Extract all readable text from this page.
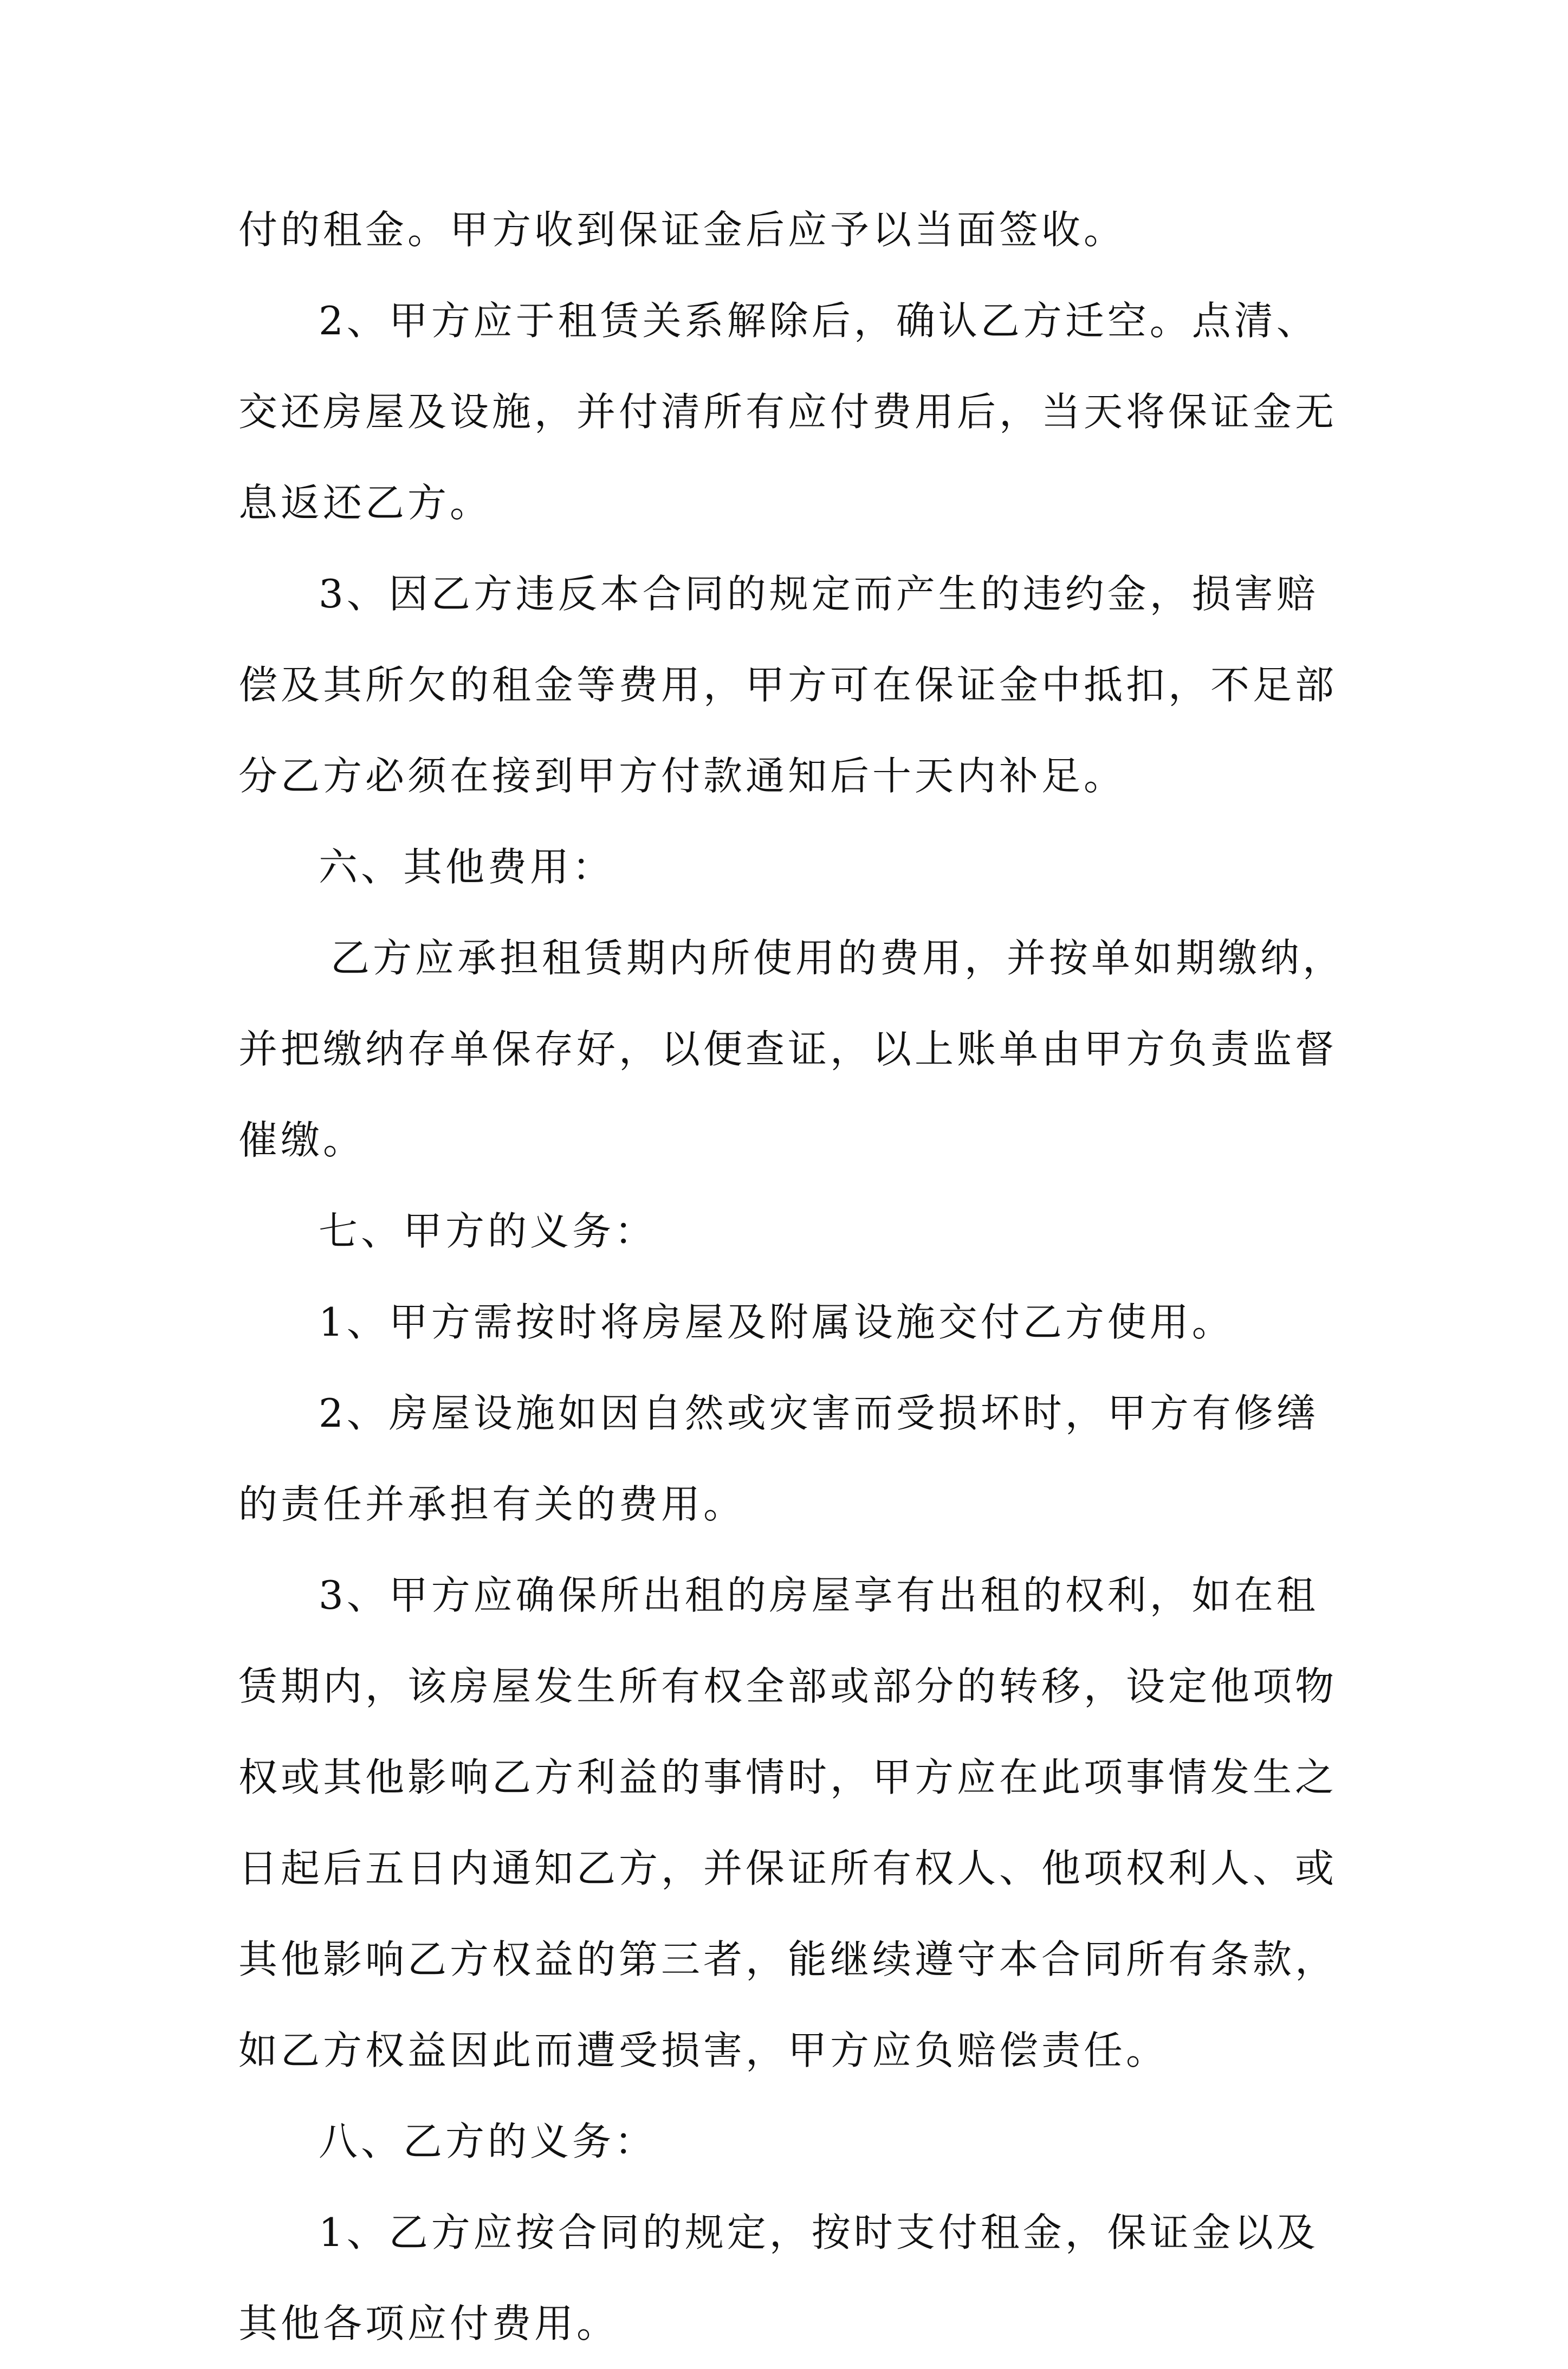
付的租金。甲方收到保证金后应予以当面签收。
2、甲方应于租赁关系解除后，确认乙方迁空。点清、
交还房屋及设施，并付清所有应付费用后，当天将保证金无
息返还乙方。
3、因乙方违反本合同的规定而产生的违约金，损害赔
偿及其所欠的租金等费用，甲方可在保证金中抵扣，不足部
分乙方必须在接到甲方付款通知后十天内补足。
六、其他费用：
乙方应承担租赁期内所使用的费用，并按单如期缴纳，
并把缴纳存单保存好，以便查证，以上账单由甲方负责监督
催缴。
七、甲方的义务：
1、甲方需按时将房屋及附属设施交付乙方使用。
2、房屋设施如因自然或灾害而受损坏时，甲方有修缮
的责任并承担有关的费用。
3、甲方应确保所出租的房屋享有出租的权利，如在租
赁期内，该房屋发生所有权全部或部分的转移，设定他项物
权或其他影响乙方利益的事情时，甲方应在此项事情发生之
日起后五日内通知乙方，并保证所有权人、他项权利人、或
其他影响乙方权益的第三者，能继续遵守本合同所有条款，
如乙方权益因此而遭受损害，甲方应负赔偿责任。
八、乙方的义务：
1、乙方应按合同的规定，按时支付租金，保证金以及
其他各项应付费用。
